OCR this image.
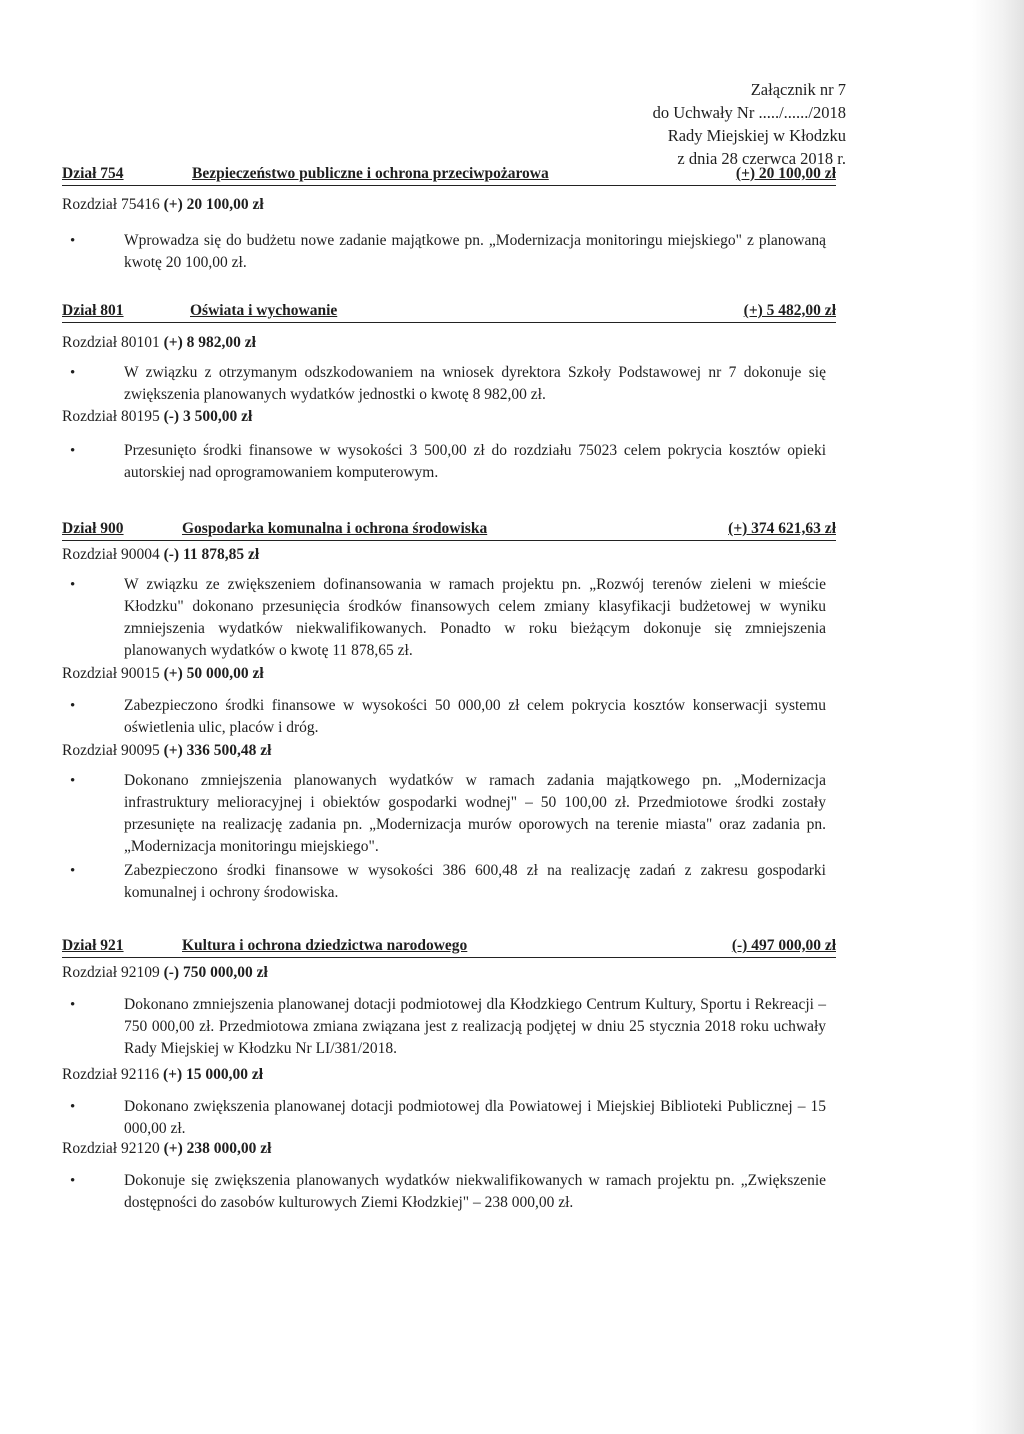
Załącznik nr 7
do Uchwały Nr ...../....../2018
Rady Miejskiej w Kłodzku
z dnia 28 czerwca 2018 r.
Dział 754	Bezpieczeństwo publiczne i ochrona przeciwpożarowa	(+) 20 100,00 zł
Rozdział 75416 (+) 20 100,00 zł
•	Wprowadza się do budżetu nowe zadanie majątkowe pn. „Modernizacja monitoringu miejskiego" z planowaną kwotę 20 100,00 zł.
Dział 801	Oświata i wychowanie	(+) 5 482,00 zł
Rozdział 80101 (+) 8 982,00 zł
•	W związku z otrzymanym odszkodowaniem na wniosek dyrektora Szkoły Podstawowej nr 7 dokonuje się zwiększenia planowanych wydatków jednostki o kwotę 8 982,00 zł.
Rozdział 80195 (-) 3 500,00 zł
•	Przesunięto środki finansowe w wysokości 3 500,00 zł do rozdziału 75023 celem pokrycia kosztów opieki autorskiej nad oprogramowaniem komputerowym.
Dział 900	Gospodarka komunalna i ochrona środowiska	(+) 374 621,63 zł
Rozdział 90004 (-) 11 878,85 zł
•	W związku ze zwiększeniem dofinansowania w ramach projektu pn. „Rozwój terenów zieleni w mieście Kłodzku" dokonano przesunięcia środków finansowych celem zmiany klasyfikacji budżetowej w wyniku zmniejszenia wydatków niekwalifikowanych. Ponadto w roku bieżącym dokonuje się zmniejszenia planowanych wydatków o kwotę 11 878,65 zł.
Rozdział 90015 (+) 50 000,00 zł
•	Zabezpieczono środki finansowe w wysokości 50 000,00 zł celem pokrycia kosztów konserwacji systemu oświetlenia ulic, placów i dróg.
Rozdział 90095 (+) 336 500,48 zł
•	Dokonano zmniejszenia planowanych wydatków w ramach zadania majątkowego pn. „Modernizacja infrastruktury melioracyjnej i obiektów gospodarki wodnej" – 50 100,00 zł. Przedmiotowe środki zostały przesunięte na realizację zadania pn. „Modernizacja murów oporowych na terenie miasta" oraz zadania pn. „Modernizacja monitoringu miejskiego".
•	Zabezpieczono środki finansowe w wysokości 386 600,48 zł na realizację zadań z zakresu gospodarki komunalnej i ochrony środowiska.
Dział 921	Kultura i ochrona dziedzictwa narodowego	(-) 497 000,00 zł
Rozdział 92109 (-) 750 000,00 zł
•	Dokonano zmniejszenia planowanej dotacji podmiotowej dla Kłodzkiego Centrum Kultury, Sportu i Rekreacji – 750 000,00 zł. Przedmiotowa zmiana związana jest z realizacją podjętej w dniu 25 stycznia 2018 roku uchwały Rady Miejskiej w Kłodzku Nr LI/381/2018.
Rozdział 92116 (+) 15 000,00 zł
•	Dokonano zwiększenia planowanej dotacji podmiotowej dla Powiatowej i Miejskiej Biblioteki Publicznej – 15 000,00 zł.
Rozdział 92120 (+) 238 000,00 zł
•	Dokonuje się zwiększenia planowanych wydatków niekwalifikowanych w ramach projektu pn. „Zwiększenie dostępności do zasobów kulturowych Ziemi Kłodzkiej" – 238 000,00 zł.
